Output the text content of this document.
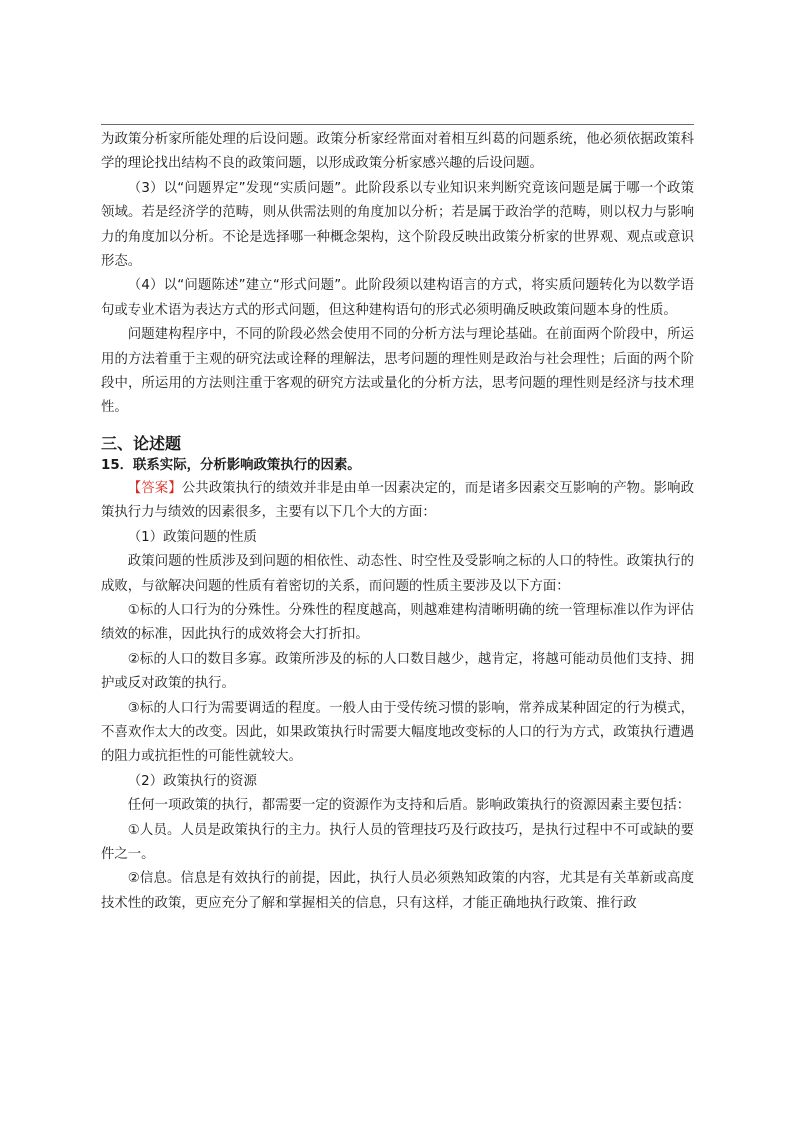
为政策分析家所能处理的后设问题。政策分析家经常面对着相互纠葛的问题系统，他必须依据政策科学的理论找出结构不良的政策问题，以形成政策分析家感兴趣的后设问题。

（3）以“问题界定”发现“实质问题”。此阶段系以专业知识来判断究竟该问题是属于哪一个政策领域。若是经济学的范畴，则从供需法则的角度加以分析；若是属于政治学的范畴，则以权力与影响力的角度加以分析。不论是选择哪一种概念架构，这个阶段反映出政策分析家的世界观、观点或意识形态。

（4）以“问题陈述”建立“形式问题”。此阶段须以建构语言的方式，将实质问题转化为以数学语句或专业术语为表达方式的形式问题，但这种建构语句的形式必须明确反映政策问题本身的性质。

问题建构程序中，不同的阶段必然会使用不同的分析方法与理论基础。在前面两个阶段中，所运用的方法着重于主观的研究法或诠释的理解法，思考问题的理性则是政治与社会理性；后面的两个阶段中，所运用的方法则注重于客观的研究方法或量化的分析方法，思考问题的理性则是经济与技术理性。

三、论述题

15．联系实际，分析影响政策执行的因素。

【答案】公共政策执行的绩效并非是由单一因素决定的，而是诸多因素交互影响的产物。影响政策执行力与绩效的因素很多，主要有以下几个大的方面：

（1）政策问题的性质

政策问题的性质涉及到问题的相依性、动态性、时空性及受影响之标的人口的特性。政策执行的成败，与欲解决问题的性质有着密切的关系，而问题的性质主要涉及以下方面：

①标的人口行为的分殊性。分殊性的程度越高，则越难建构清晰明确的统一管理标准以作为评估绩效的标准，因此执行的成效将会大打折扣。

②标的人口的数目多寡。政策所涉及的标的人口数目越少，越肯定，将越可能动员他们支持、拥护或反对政策的执行。

③标的人口行为需要调适的程度。一般人由于受传统习惯的影响，常养成某种固定的行为模式，不喜欢作太大的改变。因此，如果政策执行时需要大幅度地改变标的人口的行为方式，政策执行遭遇的阻力或抗拒性的可能性就较大。

（2）政策执行的资源

任何一项政策的执行，都需要一定的资源作为支持和后盾。影响政策执行的资源因素主要包括：

①人员。人员是政策执行的主力。执行人员的管理技巧及行政技巧，是执行过程中不可或缺的要件之一。

②信息。信息是有效执行的前提，因此，执行人员必须熟知政策的内容，尤其是有关革新或高度技术性的政策，更应充分了解和掌握相关的信息，只有这样，才能正确地执行政策、推行政
